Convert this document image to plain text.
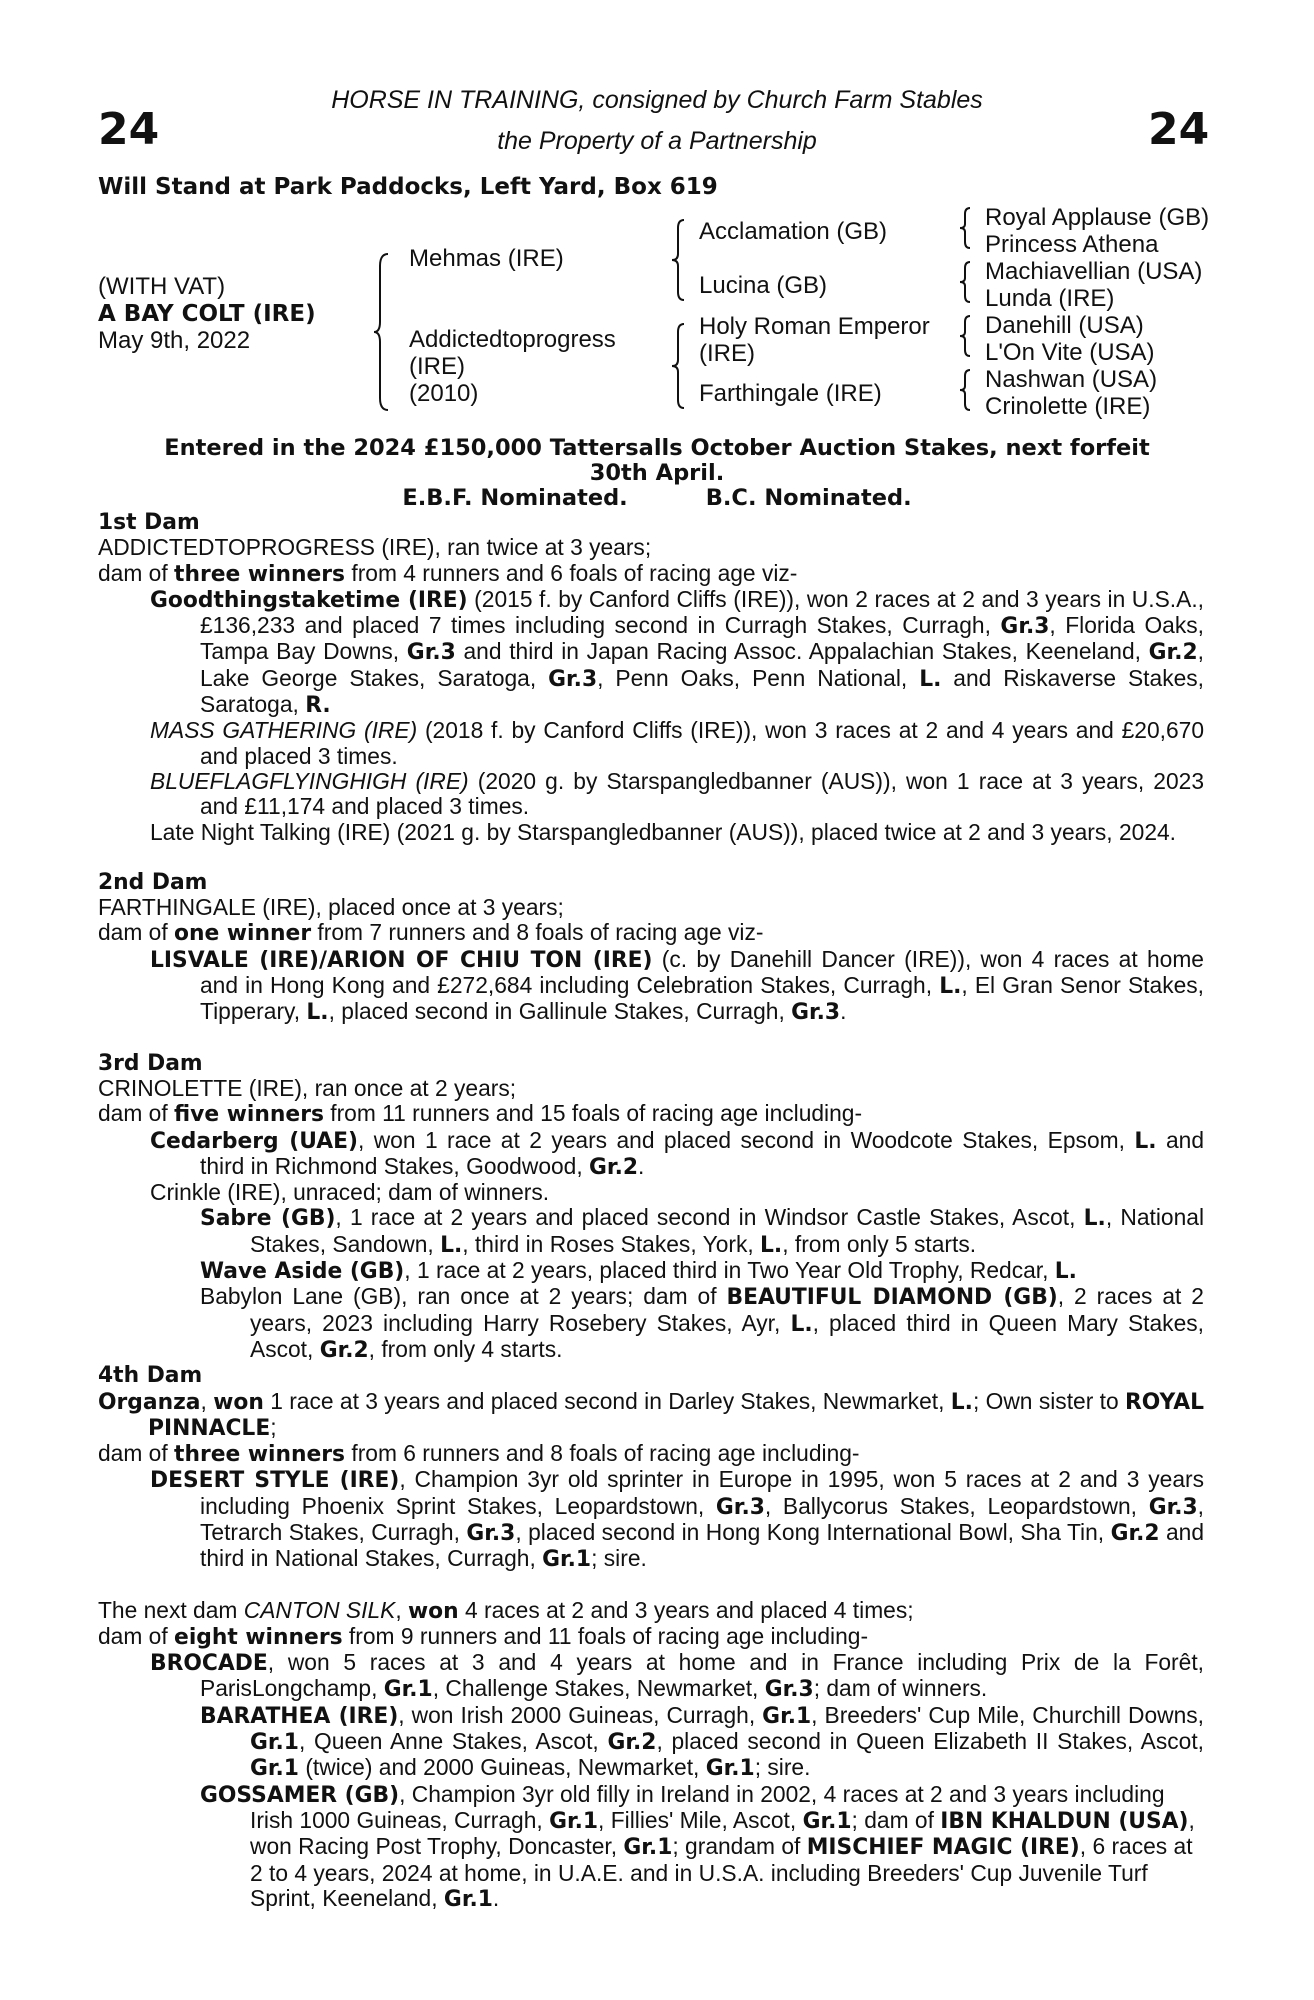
24	24
HORSE IN TRAINING, consigned by Church Farm Stables
the Property of a Partnership
Will Stand at Park Paddocks, Left Yard, Box 619
(WITH VAT)
A BAY COLT (IRE)
May 9th, 2022
Mehmas (IRE)
Addictedtoprogress
(IRE)
(2010)
Acclamation (GB)
Lucina (GB)
Holy Roman Emperor
(IRE)
Farthingale (IRE)
Royal Applause (GB)
Princess Athena
Machiavellian (USA)
Lunda (IRE)
Danehill (USA)
L'On Vite (USA)
Nashwan (USA)
Crinolette (IRE)
Entered in the 2024 £150,000 Tattersalls October Auction Stakes, next forfeit
30th April.
E.B.F. Nominated.	B.C. Nominated.
1st Dam

ADDICTEDTOPROGRESS (IRE), ran twice at 3 years;

dam of three winners from 4 runners and 6 foals of racing age viz-

Goodthingstaketime (IRE) (2015 f. by Canford Cliffs (IRE)), won 2 races at 2 and 3 years in U.S.A., £136,233 and placed 7 times including second in Curragh Stakes, Curragh, Gr.3, Florida Oaks, Tampa Bay Downs, Gr.3 and third in Japan Racing Assoc. Appalachian Stakes, Keeneland, Gr.2, Lake George Stakes, Saratoga, Gr.3, Penn Oaks, Penn National, L. and Riskaverse Stakes, Saratoga, R.

MASS GATHERING (IRE) (2018 f. by Canford Cliffs (IRE)), won 3 races at 2 and 4 years and £20,670 and placed 3 times.

BLUEFLAGFLYINGHIGH (IRE) (2020 g. by Starspangledbanner (AUS)), won 1 race at 3 years, 2023 and £11,174 and placed 3 times.

Late Night Talking (IRE) (2021 g. by Starspangledbanner (AUS)), placed twice at 2 and 3 years, 2024.

2nd Dam

FARTHINGALE (IRE), placed once at 3 years;

dam of one winner from 7 runners and 8 foals of racing age viz-

LISVALE (IRE)/ARION OF CHIU TON (IRE) (c. by Danehill Dancer (IRE)), won 4 races at home and in Hong Kong and £272,684 including Celebration Stakes, Curragh, L., El Gran Senor Stakes, Tipperary, L., placed second in Gallinule Stakes, Curragh, Gr.3.

3rd Dam

CRINOLETTE (IRE), ran once at 2 years;

dam of five winners from 11 runners and 15 foals of racing age including-

Cedarberg (UAE), won 1 race at 2 years and placed second in Woodcote Stakes, Epsom, L. and third in Richmond Stakes, Goodwood, Gr.2.

Crinkle (IRE), unraced; dam of winners.

Sabre (GB), 1 race at 2 years and placed second in Windsor Castle Stakes, Ascot, L., National Stakes, Sandown, L., third in Roses Stakes, York, L., from only 5 starts.

Wave Aside (GB), 1 race at 2 years, placed third in Two Year Old Trophy, Redcar, L.

Babylon Lane (GB), ran once at 2 years; dam of BEAUTIFUL DIAMOND (GB), 2 races at 2 years, 2023 including Harry Rosebery Stakes, Ayr, L., placed third in Queen Mary Stakes, Ascot, Gr.2, from only 4 starts.

4th Dam

Organza, won 1 race at 3 years and placed second in Darley Stakes, Newmarket, L.; Own sister to ROYAL PINNACLE;

dam of three winners from 6 runners and 8 foals of racing age including-

DESERT STYLE (IRE), Champion 3yr old sprinter in Europe in 1995, won 5 races at 2 and 3 years including Phoenix Sprint Stakes, Leopardstown, Gr.3, Ballycorus Stakes, Leopardstown, Gr.3, Tetrarch Stakes, Curragh, Gr.3, placed second in Hong Kong International Bowl, Sha Tin, Gr.2 and third in National Stakes, Curragh, Gr.1; sire.

The next dam CANTON SILK, won 4 races at 2 and 3 years and placed 4 times;

dam of eight winners from 9 runners and 11 foals of racing age including-

BROCADE, won 5 races at 3 and 4 years at home and in France including Prix de la Forêt, ParisLongchamp, Gr.1, Challenge Stakes, Newmarket, Gr.3; dam of winners.

BARATHEA (IRE), won Irish 2000 Guineas, Curragh, Gr.1, Breeders' Cup Mile, Churchill Downs, Gr.1, Queen Anne Stakes, Ascot, Gr.2, placed second in Queen Elizabeth II Stakes, Ascot, Gr.1 (twice) and 2000 Guineas, Newmarket, Gr.1; sire.

GOSSAMER (GB), Champion 3yr old filly in Ireland in 2002, 4 races at 2 and 3 years including Irish 1000 Guineas, Curragh, Gr.1, Fillies' Mile, Ascot, Gr.1; dam of IBN KHALDUN (USA), won Racing Post Trophy, Doncaster, Gr.1; grandam of MISCHIEF MAGIC (IRE), 6 races at 2 to 4 years, 2024 at home, in U.A.E. and in U.S.A. including Breeders' Cup Juvenile Turf Sprint, Keeneland, Gr.1.
